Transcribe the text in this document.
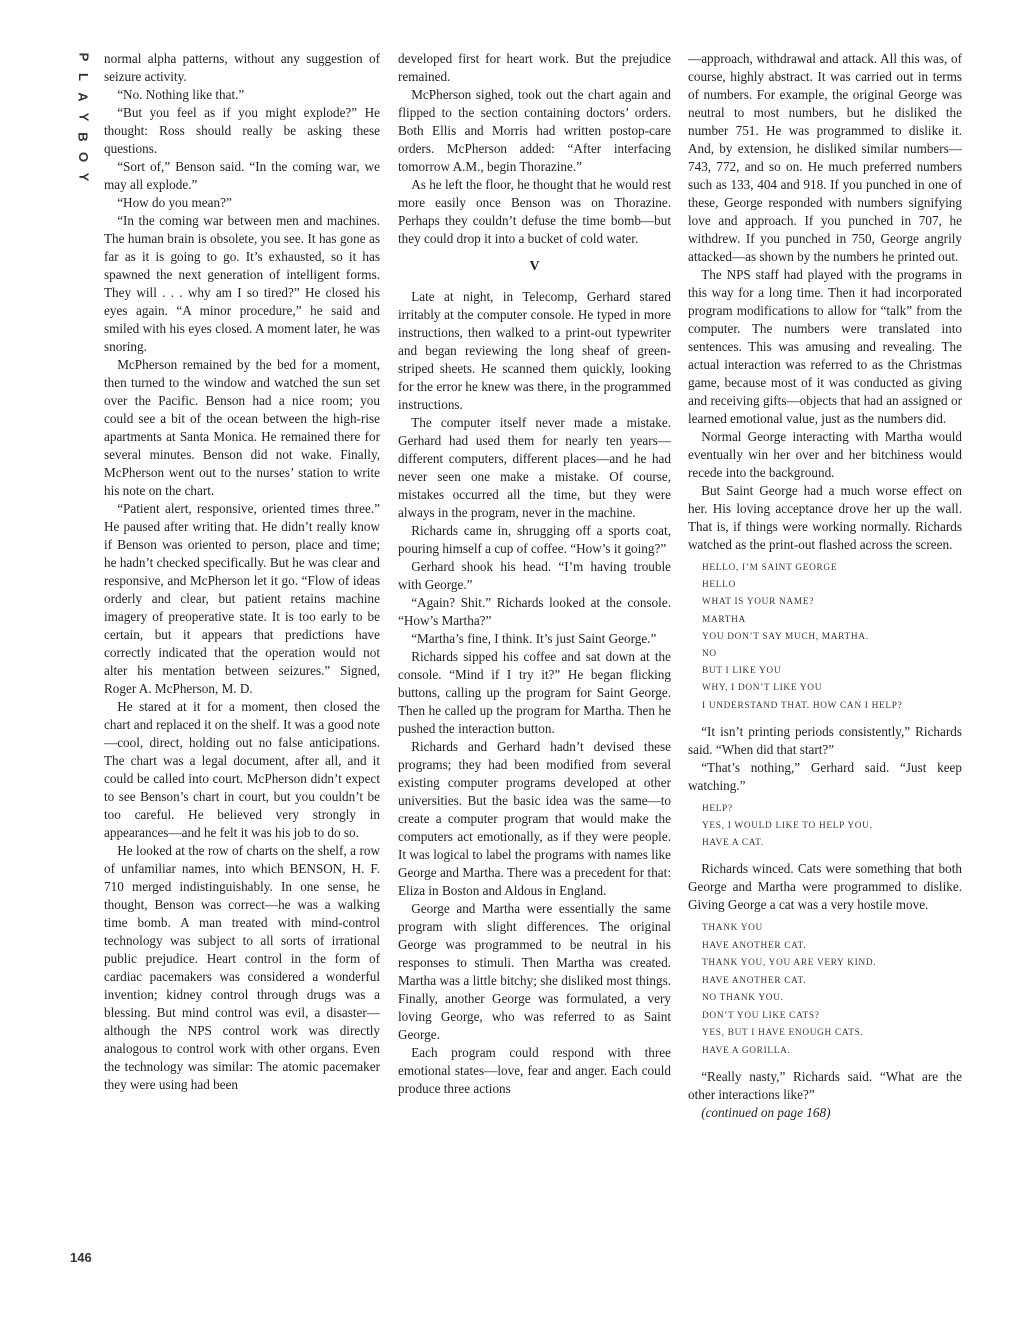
P
L
A
Y
B
O
Y
146

normal alpha patterns, without any suggestion of seizure activity.

“No. Nothing like that.”

“But you feel as if you might explode?” He thought: Ross should really be asking these questions.

“Sort of,” Benson said. “In the coming war, we may all explode.”

“How do you mean?”

“In the coming war between men and machines. The human brain is obsolete, you see. It has gone as far as it is going to go. It’s exhausted, so it has spawned the next generation of intelligent forms. They will . . . why am I so tired?” He closed his eyes again. “A minor procedure,” he said and smiled with his eyes closed. A moment later, he was snoring.

McPherson remained by the bed for a moment, then turned to the window and watched the sun set over the Pacific. Benson had a nice room; you could see a bit of the ocean between the high-rise apartments at Santa Monica. He remained there for several minutes. Benson did not wake. Finally, McPherson went out to the nurses’ station to write his note on the chart.

“Patient alert, responsive, oriented times three.” He paused after writing that. He didn’t really know if Benson was oriented to person, place and time; he hadn’t checked specifically. But he was clear and responsive, and McPherson let it go. “Flow of ideas orderly and clear, but patient retains machine imagery of preoperative state. It is too early to be certain, but it appears that predictions have correctly indicated that the operation would not alter his mentation between seizures.” Signed, Roger A. McPherson, M. D.

He stared at it for a moment, then closed the chart and replaced it on the shelf. It was a good note—cool, direct, holding out no false anticipations. The chart was a legal document, after all, and it could be called into court. McPherson didn’t expect to see Benson’s chart in court, but you couldn’t be too careful. He believed very strongly in appearances—and he felt it was his job to do so.

He looked at the row of charts on the shelf, a row of unfamiliar names, into which BENSON, H. F. 710 merged indistinguishably. In one sense, he thought, Benson was correct—he was a walking time bomb. A man treated with mind-control technology was subject to all sorts of irrational public prejudice. Heart control in the form of cardiac pacemakers was considered a wonderful invention; kidney control through drugs was a blessing. But mind control was evil, a disaster—although the NPS control work was directly analogous to control work with other organs. Even the technology was similar: The atomic pacemaker they were using had been

developed first for heart work. But the prejudice remained.

McPherson sighed, took out the chart again and flipped to the section containing doctors’ orders. Both Ellis and Morris had written postop-care orders. McPherson added: “After interfacing tomorrow A.M., begin Thorazine.”

As he left the floor, he thought that he would rest more easily once Benson was on Thorazine. Perhaps they couldn’t defuse the time bomb—but they could drop it into a bucket of cold water.

V

Late at night, in Telecomp, Gerhard stared irritably at the computer console. He typed in more instructions, then walked to a print-out typewriter and began reviewing the long sheaf of green-striped sheets. He scanned them quickly, looking for the error he knew was there, in the programmed instructions.

The computer itself never made a mistake. Gerhard had used them for nearly ten years—different computers, different places—and he had never seen one make a mistake. Of course, mistakes occurred all the time, but they were always in the program, never in the machine.

Richards came in, shrugging off a sports coat, pouring himself a cup of coffee. “How’s it going?”

Gerhard shook his head. “I’m having trouble with George.”

“Again? Shit.” Richards looked at the console. “How’s Martha?”

“Martha’s fine, I think. It’s just Saint George.”

Richards sipped his coffee and sat down at the console. “Mind if I try it?” He began flicking buttons, calling up the program for Saint George. Then he called up the program for Martha. Then he pushed the interaction button.

Richards and Gerhard hadn’t devised these programs; they had been modified from several existing computer programs developed at other universities. But the basic idea was the same—to create a computer program that would make the computers act emotionally, as if they were people. It was logical to label the programs with names like George and Martha. There was a precedent for that: Eliza in Boston and Aldous in England.

George and Martha were essentially the same program with slight differences. The original George was programmed to be neutral in his responses to stimuli. Then Martha was created. Martha was a little bitchy; she disliked most things. Finally, another George was formulated, a very loving George, who was referred to as Saint George.

Each program could respond with three emotional states—love, fear and anger. Each could produce three actions

—approach, withdrawal and attack. All this was, of course, highly abstract. It was carried out in terms of numbers. For example, the original George was neutral to most numbers, but he disliked the number 751. He was programmed to dislike it. And, by extension, he disliked similar numbers—743, 772, and so on. He much preferred numbers such as 133, 404 and 918. If you punched in one of these, George responded with numbers signifying love and approach. If you punched in 707, he withdrew. If you punched in 750, George angrily attacked—as shown by the numbers he printed out.

The NPS staff had played with the programs in this way for a long time. Then it had incorporated program modifications to allow for “talk” from the computer. The numbers were translated into sentences. This was amusing and revealing. The actual interaction was referred to as the Christmas game, because most of it was conducted as giving and receiving gifts—objects that had an assigned or learned emotional value, just as the numbers did.

Normal George interacting with Martha would eventually win her over and her bitchiness would recede into the background.

But Saint George had a much worse effect on her. His loving acceptance drove her up the wall. That is, if things were working normally. Richards watched as the print-out flashed across the screen.

HELLO, I’M SAINT GEORGE
HELLO
WHAT IS YOUR NAME?
MARTHA
YOU DON’T SAY MUCH, MARTHA.
NO
BUT I LIKE YOU
WHY, I DON’T LIKE YOU
I UNDERSTAND THAT. HOW CAN I HELP?

“It isn’t printing periods consistently,” Richards said. “When did that start?”

“That’s nothing,” Gerhard said. “Just keep watching.”

HELP?
YES, I WOULD LIKE TO HELP YOU.
HAVE A CAT.

Richards winced. Cats were something that both George and Martha were programmed to dislike. Giving George a cat was a very hostile move.

THANK YOU
HAVE ANOTHER CAT.
THANK YOU, YOU ARE VERY KIND.
HAVE ANOTHER CAT.
NO THANK YOU.
DON’T YOU LIKE CATS?
YES, BUT I HAVE ENOUGH CATS.
HAVE A GORILLA.

“Really nasty,” Richards said. “What are the other interactions like?”

(continued on page 168)
